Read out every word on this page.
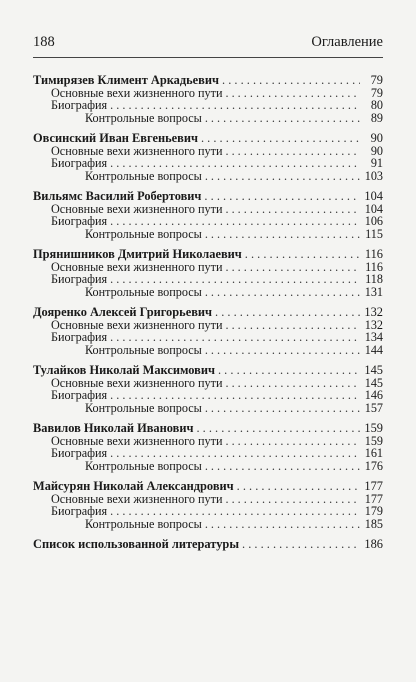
188	Оглавление
Тимирязев Климент Аркадьевич . . .	79
Основные вехи жизненного пути . . .	79
Биография . . .	80
Контрольные вопросы . . .	89
Овсинский Иван Евгеньевич . . .	90
Основные вехи жизненного пути . . .	90
Биография . . .	91
Контрольные вопросы . . .	103
Вильямс Василий Робертович . . .	104
Основные вехи жизненного пути . . .	104
Биография . . .	106
Контрольные вопросы . . .	115
Прянишников Дмитрий Николаевич . . .	116
Основные вехи жизненного пути . . .	116
Биография . . .	118
Контрольные вопросы . . .	131
Дояренко Алексей Григорьевич . . .	132
Основные вехи жизненного пути . . .	132
Биография . . .	134
Контрольные вопросы . . .	144
Тулайков Николай Максимович . . .	145
Основные вехи жизненного пути . . .	145
Биография . . .	146
Контрольные вопросы . . .	157
Вавилов Николай Иванович . . .	159
Основные вехи жизненного пути . . .	159
Биография . . .	161
Контрольные вопросы . . .	176
Майсурян Николай Александрович . . .	177
Основные вехи жизненного пути . . .	177
Биография . . .	179
Контрольные вопросы . . .	185
Список использованной литературы . . .	186
